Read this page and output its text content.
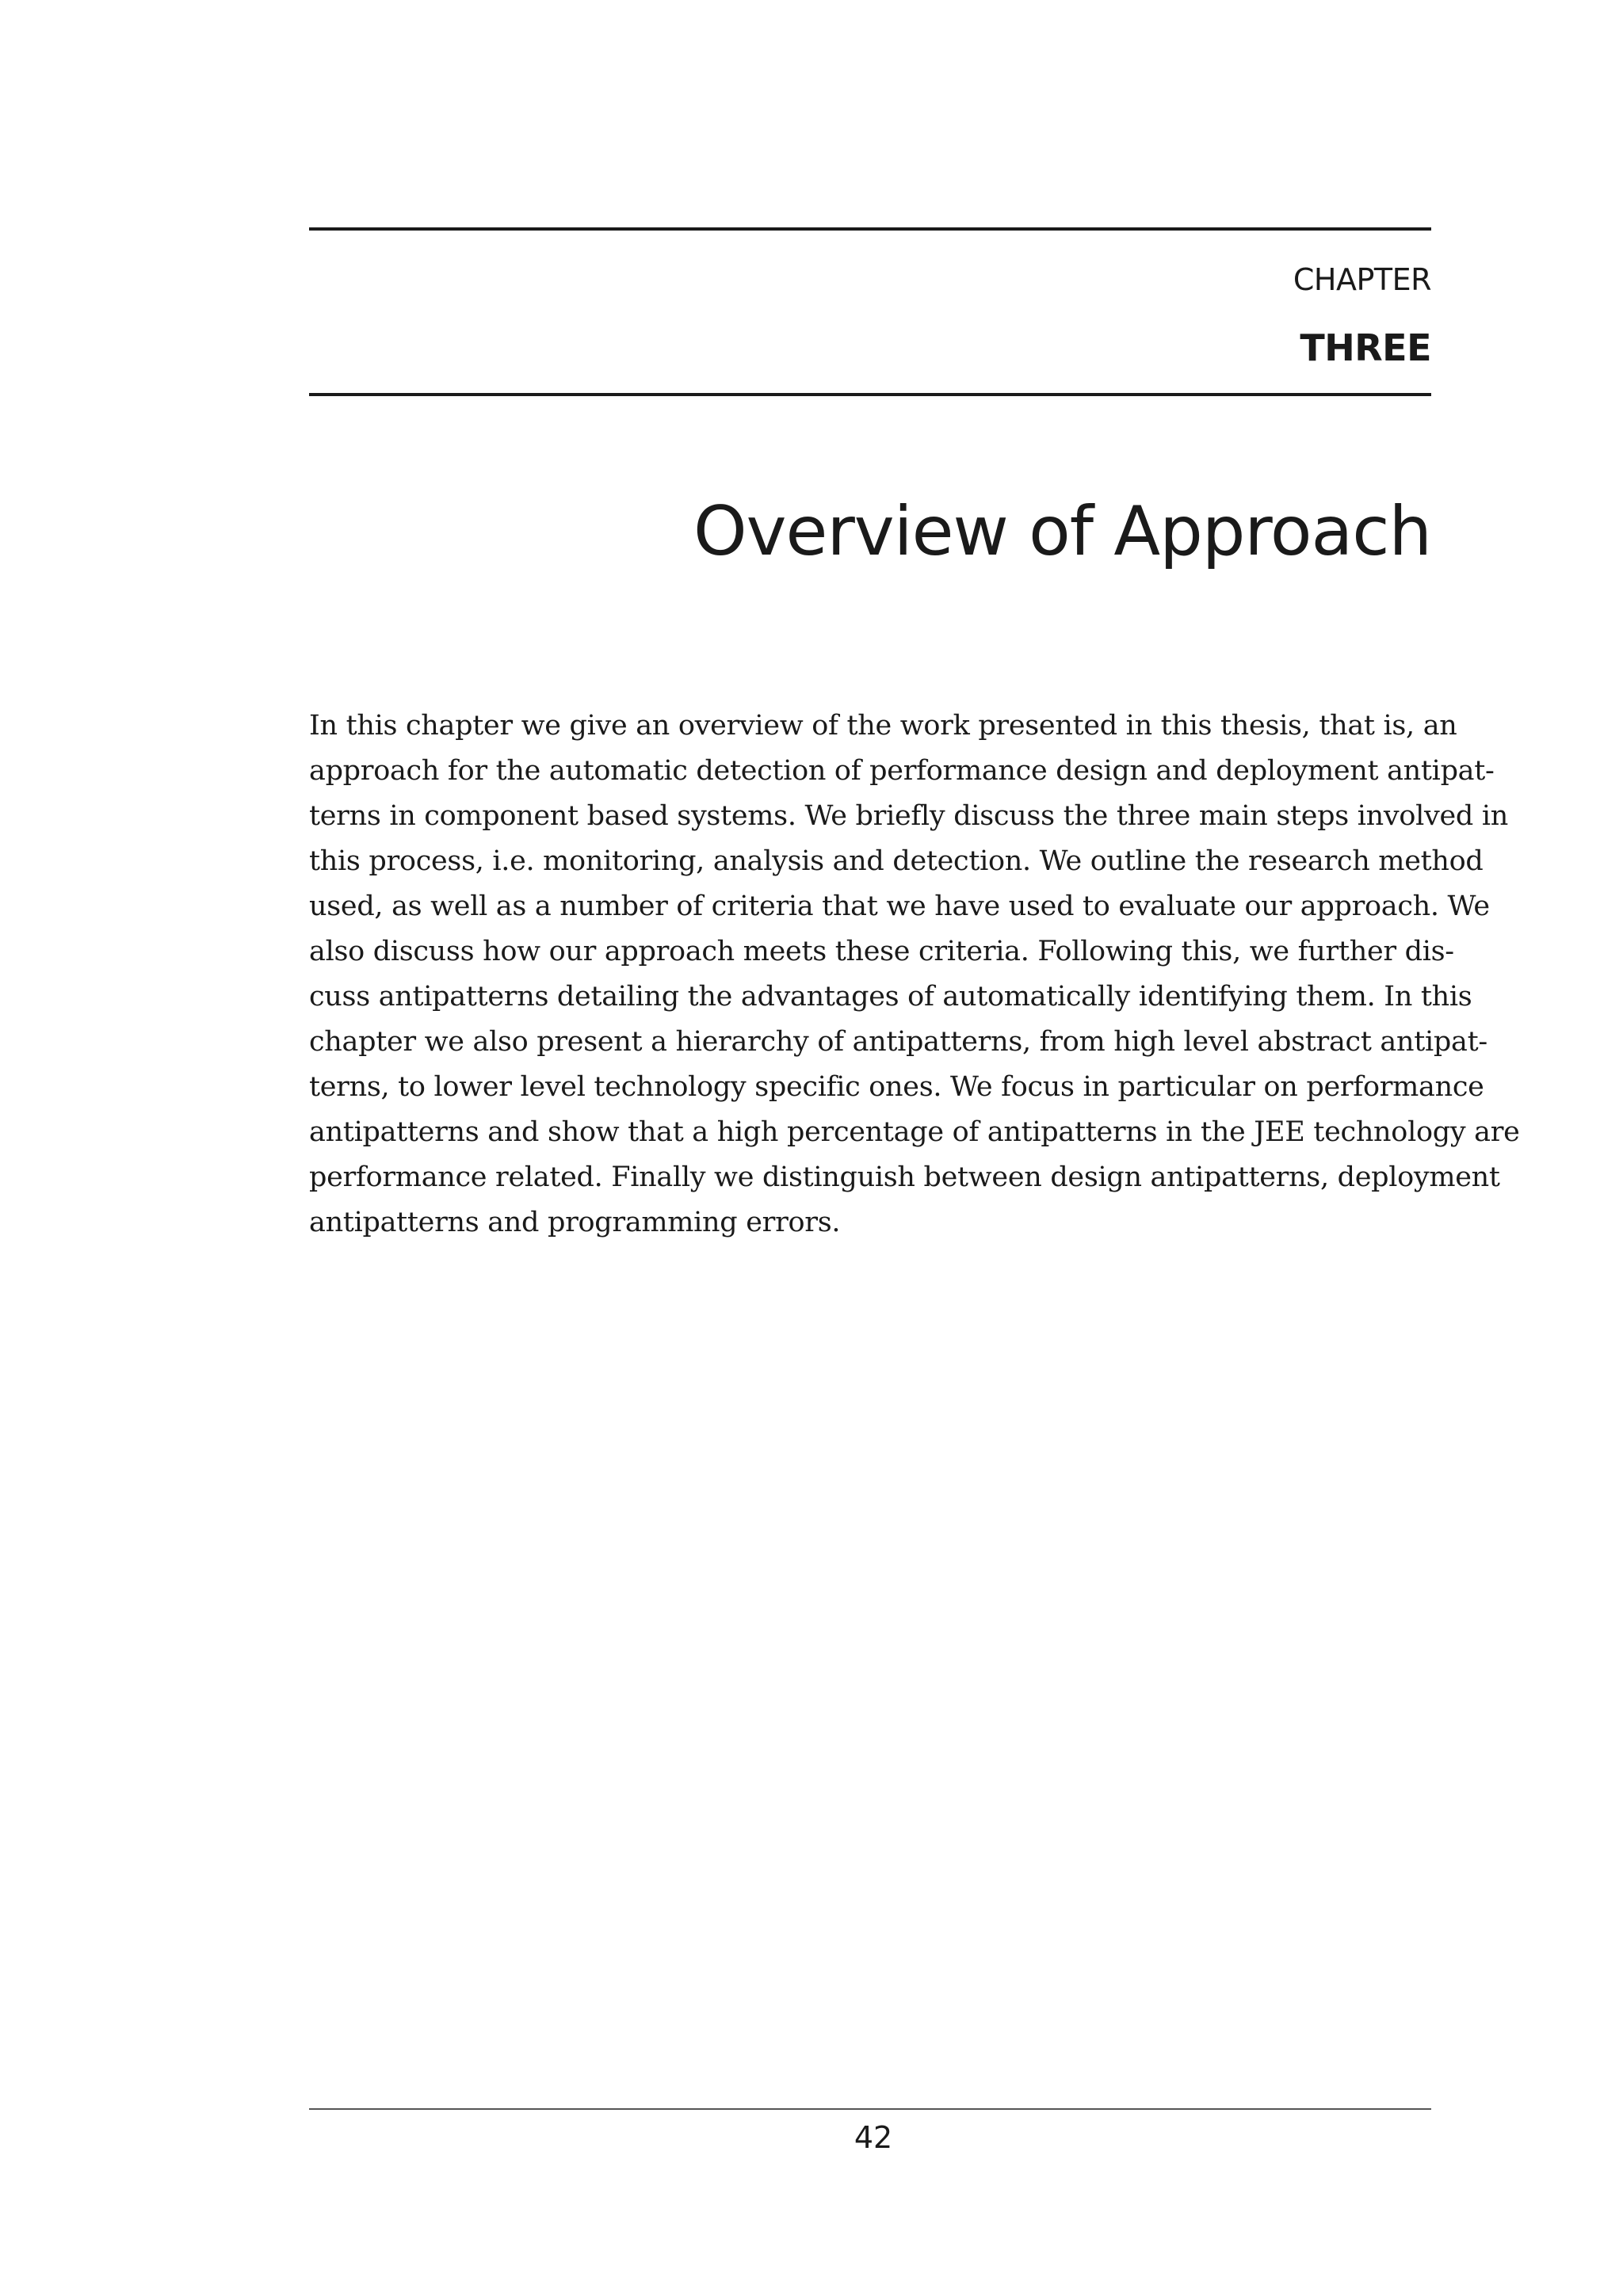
CHAPTER
THREE
Overview of Approach
In this chapter we give an overview of the work presented in this thesis, that is, an
approach for the automatic detection of performance design and deployment antipat-
terns in component based systems. We briefly discuss the three main steps involved in
this process, i.e. monitoring, analysis and detection. We outline the research method
used, as well as a number of criteria that we have used to evaluate our approach. We
also discuss how our approach meets these criteria. Following this, we further dis-
cuss antipatterns detailing the advantages of automatically identifying them. In this
chapter we also present a hierarchy of antipatterns, from high level abstract antipat-
terns, to lower level technology specific ones. We focus in particular on performance
antipatterns and show that a high percentage of antipatterns in the JEE technology are
performance related. Finally we distinguish between design antipatterns, deployment
antipatterns and programming errors.
42
